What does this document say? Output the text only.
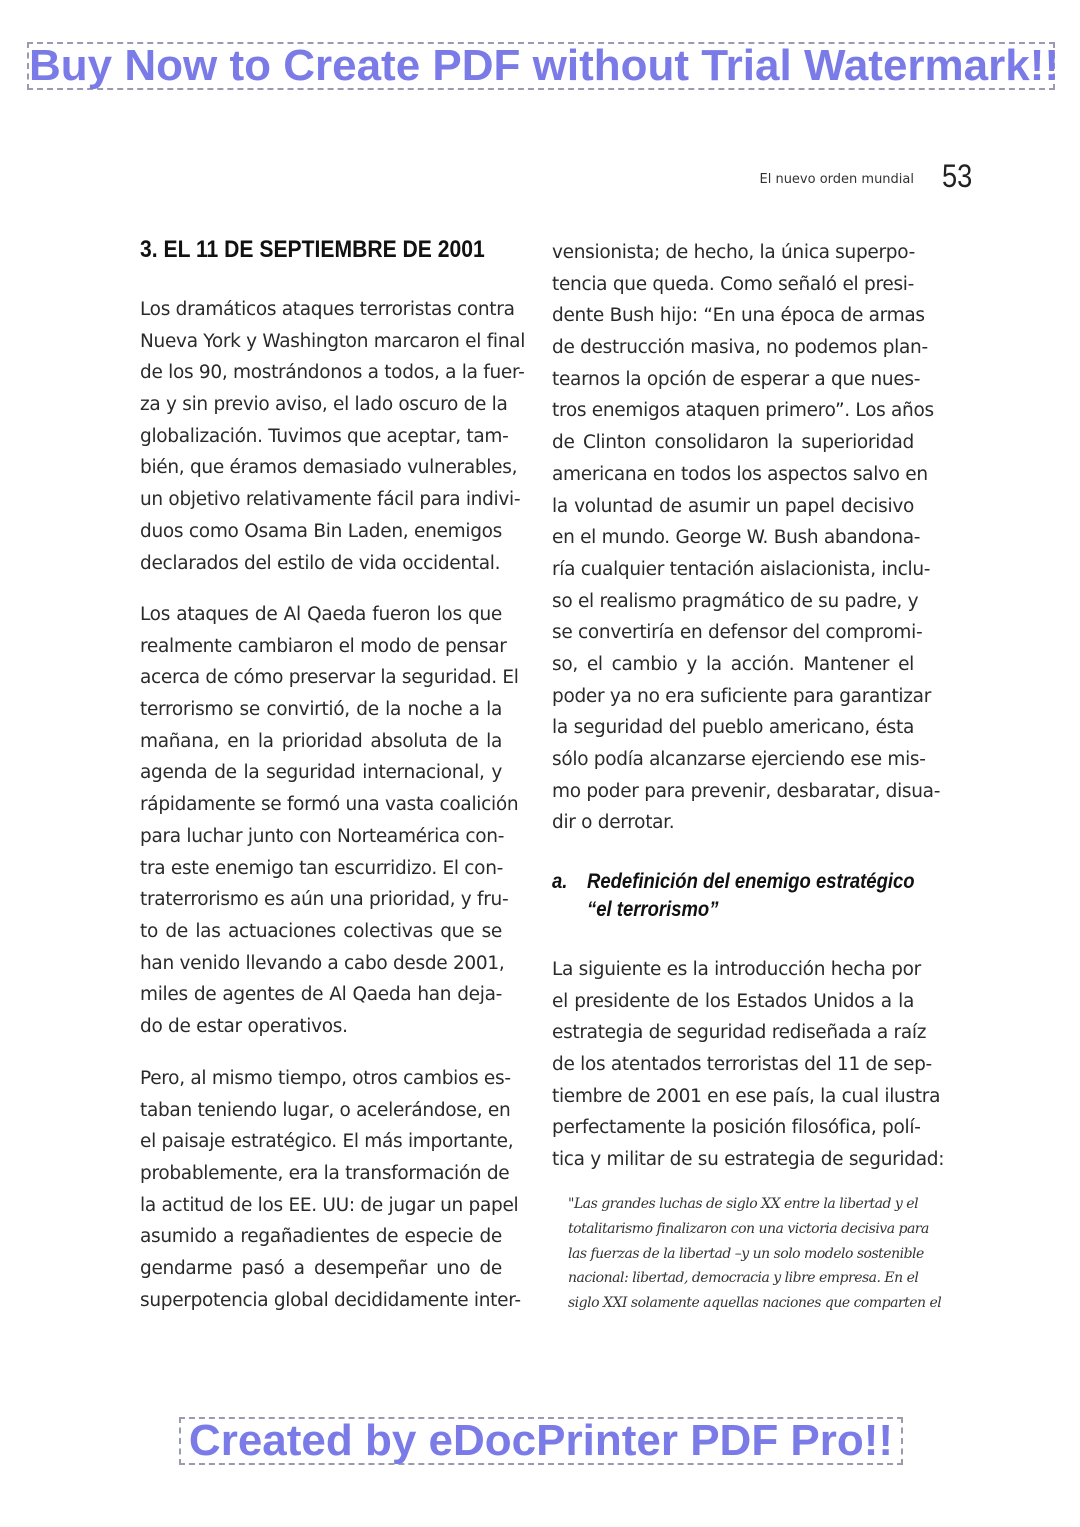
Buy Now to Create PDF without Trial Watermark!!
El nuevo orden mundial 53
3. EL 11 DE SEPTIEMBRE DE 2001
Los dramáticos ataques terroristas contra
Nueva York y Washington marcaron el final
de los 90, mostrándonos a todos, a la fuer-
za y sin previo aviso, el lado oscuro de la
globalización. Tuvimos que aceptar, tam-
bién, que éramos demasiado vulnerables,
un objetivo relativamente fácil para indivi-
duos como Osama Bin Laden, enemigos
declarados del estilo de vida occidental.
Los ataques de Al Qaeda fueron los que
realmente cambiaron el modo de pensar
acerca de cómo preservar la seguridad. El
terrorismo se convirtió, de la noche a la
mañana, en la prioridad absoluta de la
agenda de la seguridad internacional, y
rápidamente se formó una vasta coalición
para luchar junto con Norteamérica con-
tra este enemigo tan escurridizo. El con-
traterrorismo es aún una prioridad, y fru-
to de las actuaciones colectivas que se
han venido llevando a cabo desde 2001,
miles de agentes de Al Qaeda han deja-
do de estar operativos.
Pero, al mismo tiempo, otros cambios es-
taban teniendo lugar, o acelerándose, en
el paisaje estratégico. El más importante,
probablemente, era la transformación de
la actitud de los EE. UU: de jugar un papel
asumido a regañadientes de especie de
gendarme pasó a desempeñar uno de
superpotencia global decididamente inter-
vensionista; de hecho, la única superpo-
tencia que queda. Como señaló el presi-
dente Bush hijo: “En una época de armas
de destrucción masiva, no podemos plan-
tearnos la opción de esperar a que nues-
tros enemigos ataquen primero”. Los años
de Clinton consolidaron la superioridad
americana en todos los aspectos salvo en
la voluntad de asumir un papel decisivo
en el mundo. George W. Bush abandona-
ría cualquier tentación aislacionista, inclu-
so el realismo pragmático de su padre, y
se convertiría en defensor del compromi-
so, el cambio y la acción. Mantener el
poder ya no era suficiente para garantizar
la seguridad del pueblo americano, ésta
sólo podía alcanzarse ejerciendo ese mis-
mo poder para prevenir, desbaratar, disua-
dir o derrotar.
a. Redefinición del enemigo estratégico
“el terrorismo”
La siguiente es la introducción hecha por
el presidente de los Estados Unidos a la
estrategia de seguridad rediseñada a raíz
de los atentados terroristas del 11 de sep-
tiembre de 2001 en ese país, la cual ilustra
perfectamente la posición filosófica, polí-
tica y militar de su estrategia de seguridad:
"Las grandes luchas de siglo XX entre la libertad y el
totalitarismo finalizaron con una victoria decisiva para
las fuerzas de la libertad –y un solo modelo sostenible
nacional: libertad, democracia y libre empresa. En el
siglo XXI solamente aquellas naciones que comparten el
Created by eDocPrinter PDF Pro!!
